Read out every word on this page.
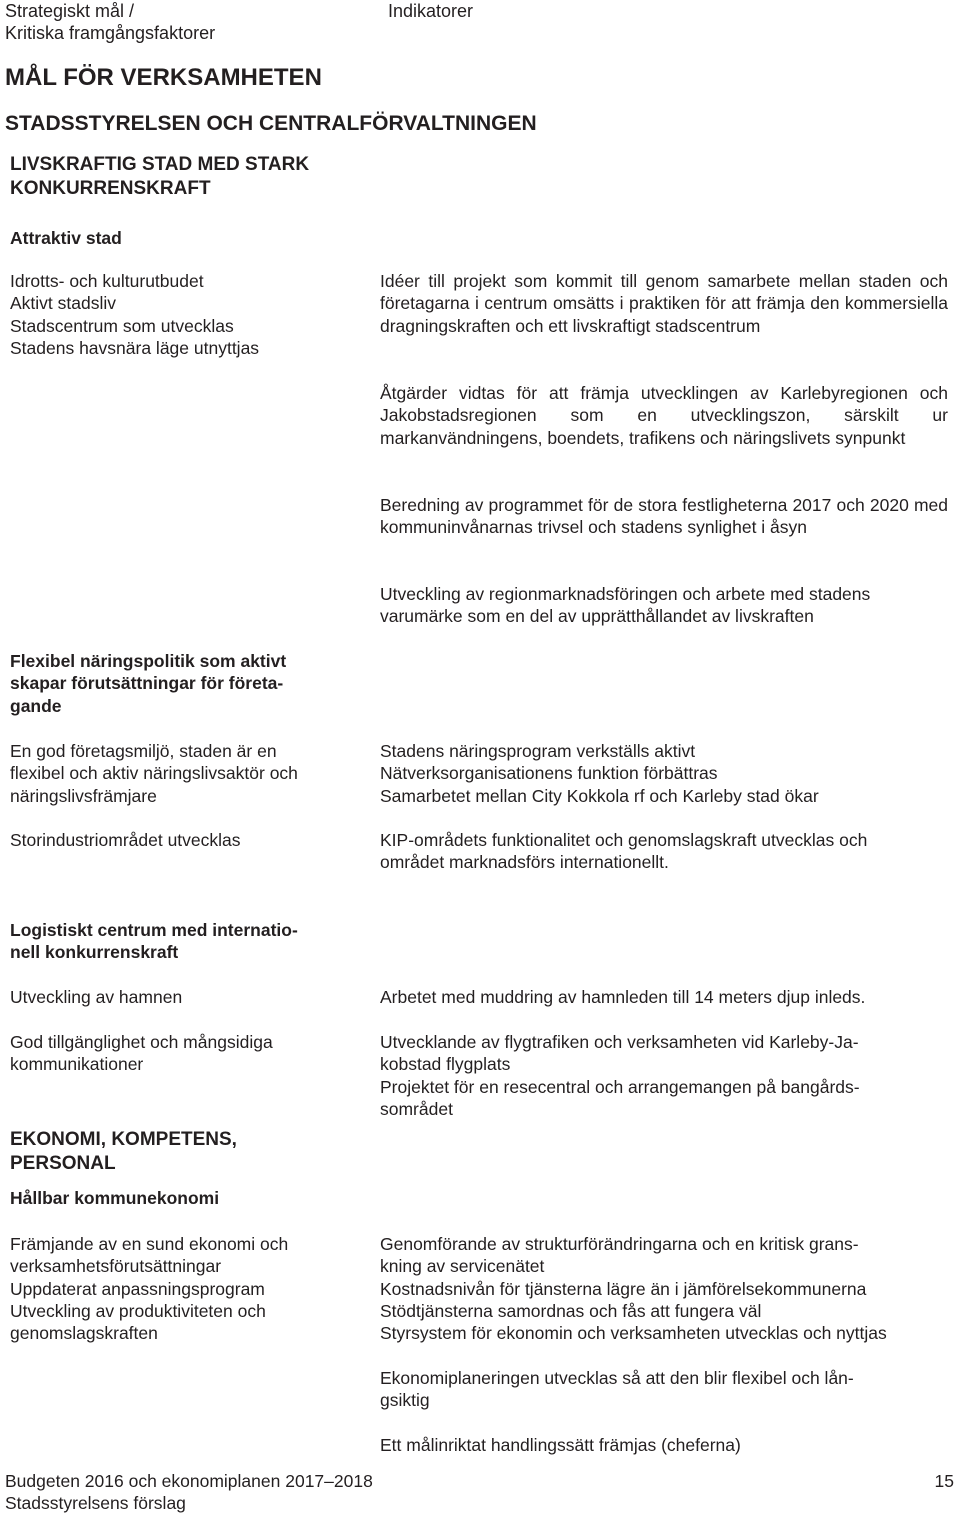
Strategiskt mål /
Kritiska framgångsfaktorer
Indikatorer
MÅL FÖR VERKSAMHETEN
STADSSTYRELSEN OCH CENTRALFÖRVALTNINGEN
LIVSKRAFTIG STAD MED STARK
KONKURRENSKRAFT
Attraktiv stad
Idrotts- och kulturutbudet
Aktivt stadsliv
Stadscentrum som utvecklas
Stadens havsnära läge utnyttjas
Idéer till projekt som kommit till genom samarbete mellan staden och företagarna i centrum omsätts i praktiken för att främja den kommersiella dragningskraften och ett livskraftigt stadscentrum
Åtgärder vidtas för att främja utvecklingen av Karlebyregionen och Jakobstadsregionen som en utvecklingszon, särskilt ur markanvändningens, boendets, trafikens och näringslivets synpunkt
Beredning av programmet för de stora festligheterna 2017 och 2020 med kommuninvånarnas trivsel och stadens synlighet i åsyn
Utveckling av regionmarknadsföringen och arbete med stadens
varumärke som en del av upprätthållandet av livskraften
Flexibel näringspolitik som aktivt
skapar förutsättningar för företa-
gande
En god företagsmiljö, staden är en
flexibel och aktiv näringslivsaktör och
näringslivsfrämjare
Stadens näringsprogram verkställs aktivt
Nätverksorganisationens funktion förbättras
Samarbetet mellan City Kokkola rf och Karleby stad ökar
Storindustriområdet utvecklas	KIP-områdets funktionalitet och genomslagskraft utvecklas och
området marknadsförs internationellt.
Logistiskt centrum med internatio-
nell konkurrenskraft
Utveckling av hamnen	Arbetet med muddring av hamnleden till 14 meters djup inleds.
God tillgänglighet och mångsidiga
kommunikationer
Utvecklande av flygtrafiken och verksamheten vid Karleby-Ja-
kobstad flygplats
Projektet för en resecentral och arrangemangen på bangårds-
sområdet
EKONOMI, KOMPETENS,
PERSONAL
Hållbar kommunekonomi
Främjande av en sund ekonomi och
verksamhetsförutsättningar
Uppdaterat anpassningsprogram
Utveckling av produktiviteten och
genomslagskraften
Genomförande av strukturförändringarna och en kritisk grans-
kning av servicenätet
Kostnadsnivån för tjänsterna lägre än i jämförelsekommunerna
Stödtjänsterna samordnas och fås att fungera väl
Styrsystem för ekonomin och verksamheten utvecklas och nyttjas
Ekonomiplaneringen utvecklas så att den blir flexibel och lån-
gsiktig
Ett målinriktat handlingssätt främjas (cheferna)
Budgeten 2016 och ekonomiplanen 2017–2018
Stadsstyrelsens förslag
15
